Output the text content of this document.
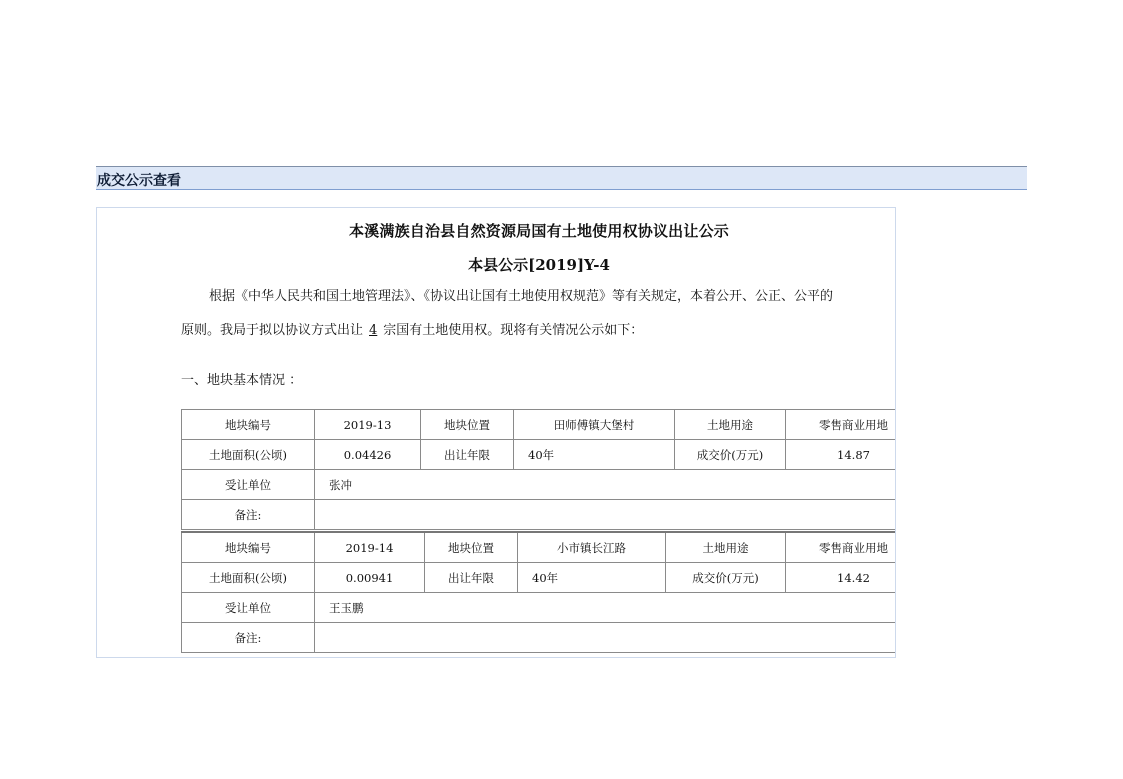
成交公示查看
本溪满族自治县自然资源局国有土地使用权协议出让公示
本县公示[2019]Y-4
根据《中华人民共和国土地管理法》、《协议出让国有土地使用权规范》等有关规定，本着公开、公正、公平的
原则。我局于拟以协议方式出让 4 宗国有土地使用权。现将有关情况公示如下：
一、地块基本情况 ：
地块编号	2019-13	地块位置	田师傅镇大堡村	土地用途	零售商业用地
土地面积(公顷)	0.04426	出让年限	40年	成交价(万元)	14.87
受让单位	张冲				
备注:					
地块编号	2019-14	地块位置	小市镇长江路	土地用途	零售商业用地
土地面积(公顷)	0.00941	出让年限	40年	成交价(万元)	14.42
受让单位	王玉鹏				
备注:					
